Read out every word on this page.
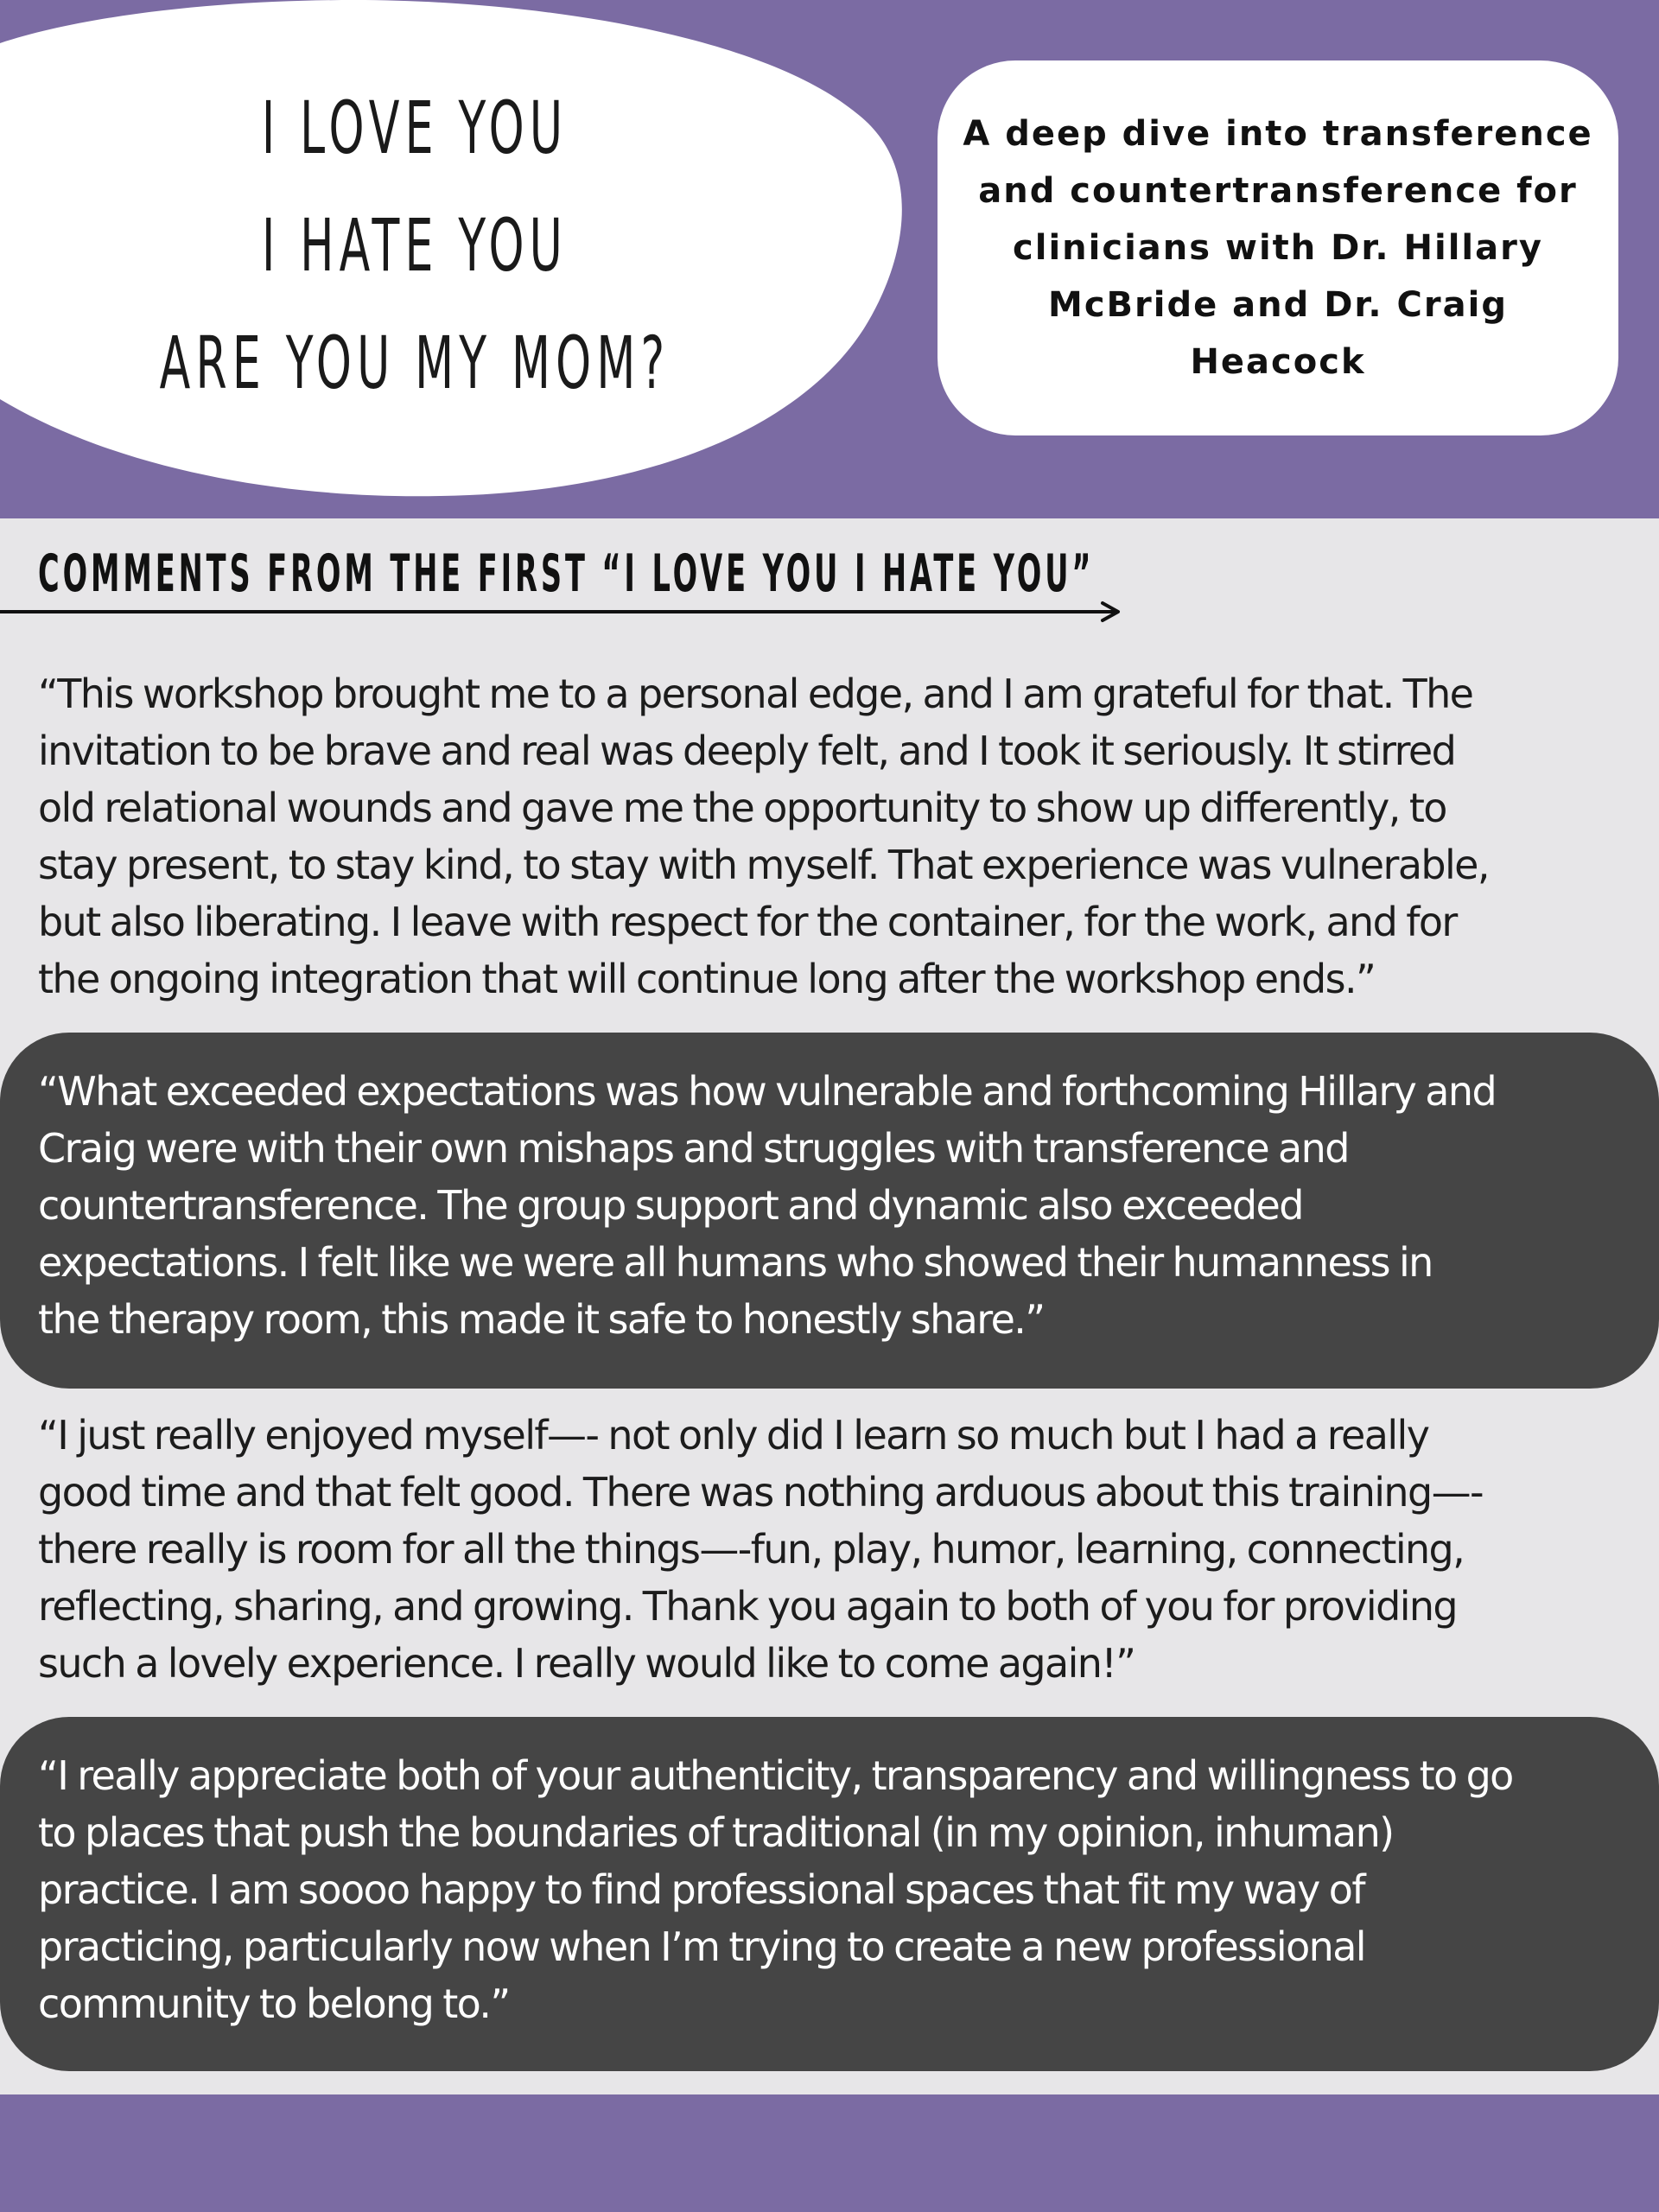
I LOVE YOU
I HATE YOU
ARE YOU MY MOM?
A deep dive into transference
and countertransference for
clinicians with Dr. Hillary
McBride and Dr. Craig Heacock
COMMENTS FROM THE FIRST “I LOVE YOU I HATE YOU”
“This workshop brought me to a personal edge, and I am grateful for that. The
invitation to be brave and real was deeply felt, and I took it seriously. It stirred
old relational wounds and gave me the opportunity to show up differently, to
stay present, to stay kind, to stay with myself. That experience was vulnerable,
but also liberating. I leave with respect for the container, for the work, and for
the ongoing integration that will continue long after the workshop ends.”
“What exceeded expectations was how vulnerable and forthcoming Hillary and
Craig were with their own mishaps and struggles with transference and
countertransference. The group support and dynamic also exceeded
expectations. I felt like we were all humans who showed their humanness in
the therapy room, this made it safe to honestly share.”
“I just really enjoyed myself—- not only did I learn so much but I had a really
good time and that felt good. There was nothing arduous about this training—-
there really is room for all the things—-fun, play, humor, learning, connecting,
reflecting, sharing, and growing. Thank you again to both of you for providing
such a lovely experience. I really would like to come again!”
“I really appreciate both of your authenticity, transparency and willingness to go
to places that push the boundaries of traditional (in my opinion, inhuman)
practice. I am soooo happy to find professional spaces that fit my way of
practicing, particularly now when I’m trying to create a new professional
community to belong to.”
